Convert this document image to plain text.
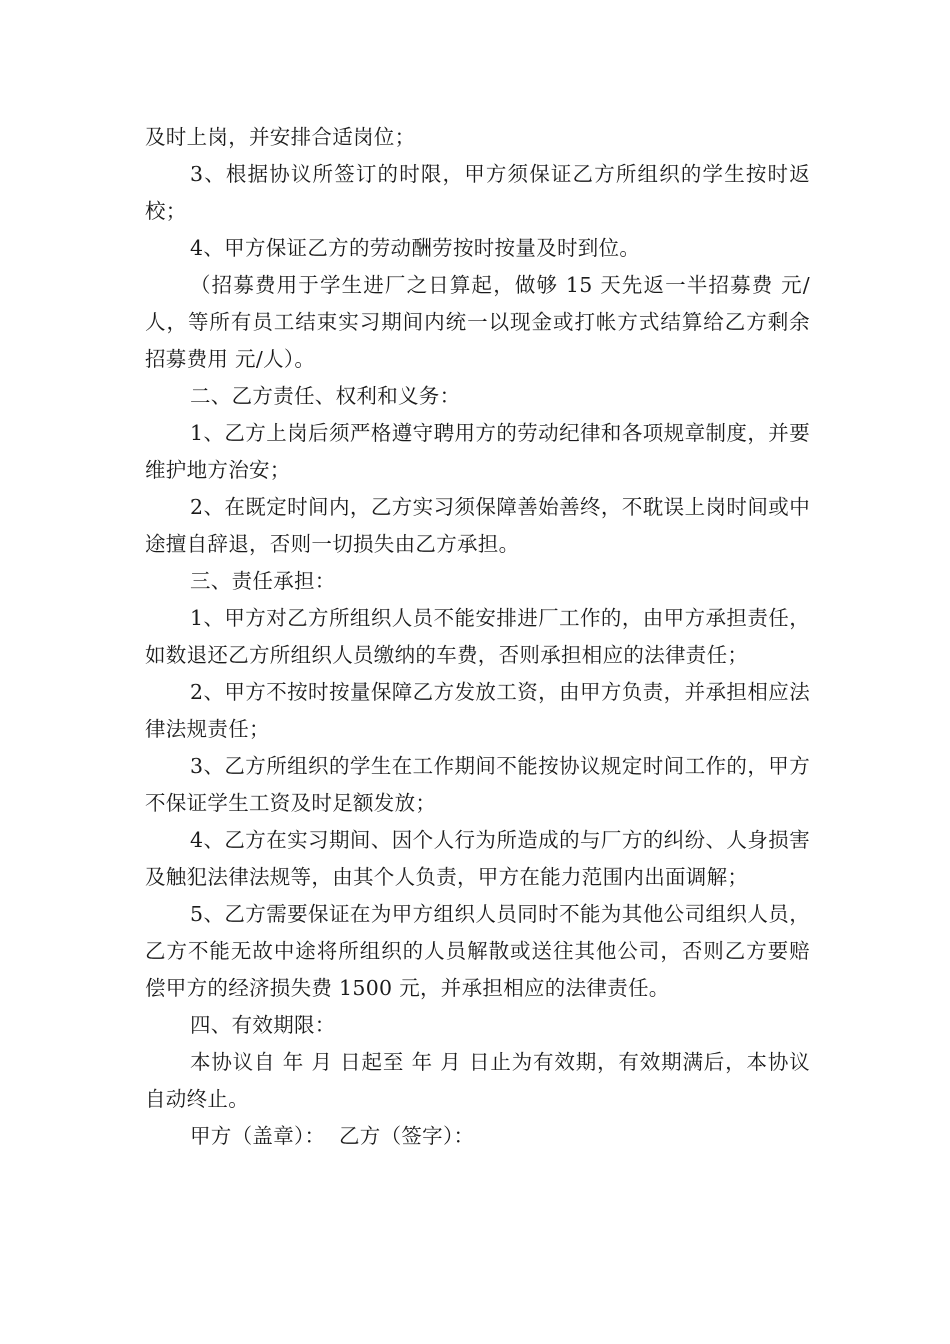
及时上岗，并安排合适岗位；

3、根据协议所签订的时限，甲方须保证乙方所组织的学生按时返校；

4、甲方保证乙方的劳动酬劳按时按量及时到位。

（招募费用于学生进厂之日算起，做够 15 天先返一半招募费 元/人，等所有员工结束实习期间内统一以现金或打帐方式结算给乙方剩余招募费用 元/人）。

二、乙方责任、权利和义务：

1、乙方上岗后须严格遵守聘用方的劳动纪律和各项规章制度，并要维护地方治安；

2、在既定时间内，乙方实习须保障善始善终，不耽误上岗时间或中途擅自辞退，否则一切损失由乙方承担。

三、责任承担：

1、甲方对乙方所组织人员不能安排进厂工作的，由甲方承担责任，如数退还乙方所组织人员缴纳的车费，否则承担相应的法律责任；

2、甲方不按时按量保障乙方发放工资，由甲方负责，并承担相应法律法规责任；

3、乙方所组织的学生在工作期间不能按协议规定时间工作的，甲方不保证学生工资及时足额发放；

4、乙方在实习期间、因个人行为所造成的与厂方的纠纷、人身损害及触犯法律法规等，由其个人负责，甲方在能力范围内出面调解；

5、乙方需要保证在为甲方组织人员同时不能为其他公司组织人员，乙方不能无故中途将所组织的人员解散或送往其他公司，否则乙方要赔偿甲方的经济损失费 1500 元，并承担相应的法律责任。

四、有效期限：

本协议自 年 月 日起至 年 月 日止为有效期，有效期满后，本协议自动终止。

甲方（盖章）：  乙方（签字）：
